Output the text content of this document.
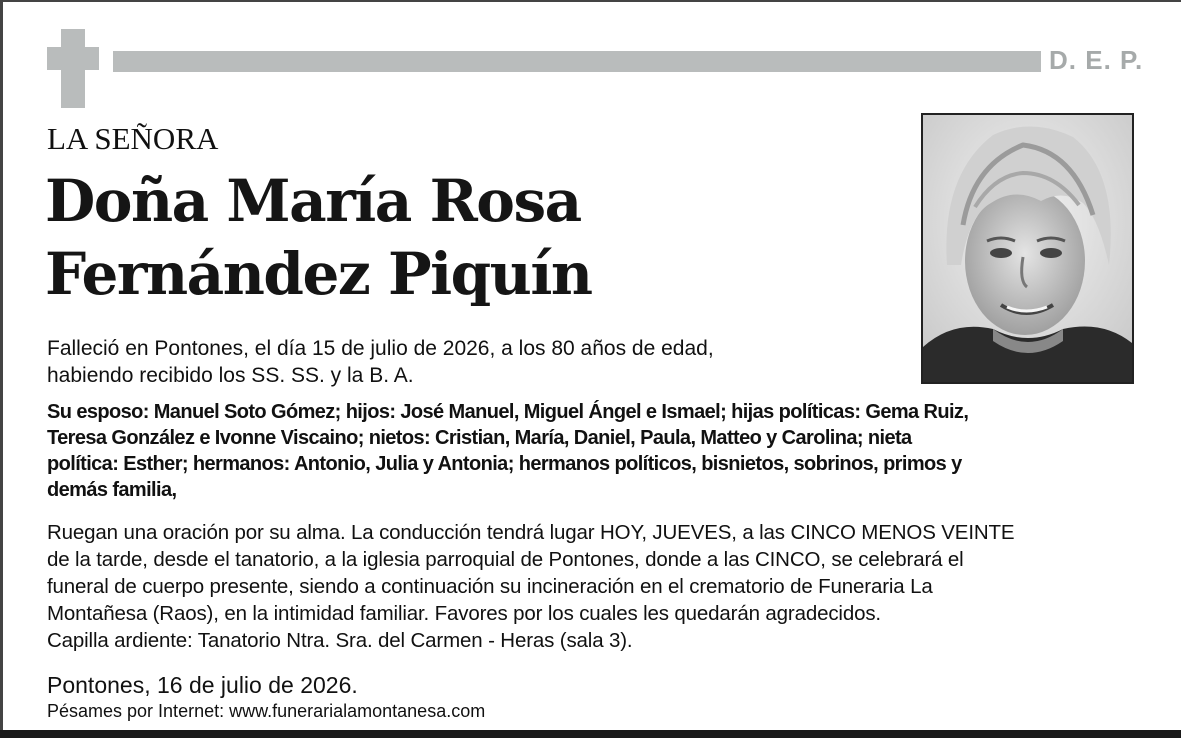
D. E. P.
LA SEÑORA
Doña María Rosa
Fernández Piquín
Falleció en Pontones, el día 15 de julio de 2026, a los 80 años de edad,
habiendo recibido los SS. SS. y la B. A.
Su esposo: Manuel Soto Gómez; hijos: José Manuel, Miguel Ángel e Ismael; hijas políticas: Gema Ruiz,
Teresa González e Ivonne Viscaino; nietos: Cristian, María, Daniel, Paula, Matteo y Carolina; nieta
política: Esther; hermanos: Antonio, Julia y Antonia; hermanos políticos, bisnietos, sobrinos, primos y
demás familia,
Ruegan una oración por su alma. La conducción tendrá lugar HOY, JUEVES, a las CINCO MENOS VEINTE
de la tarde, desde el tanatorio, a la iglesia parroquial de Pontones, donde a las CINCO, se celebrará el
funeral de cuerpo presente, siendo a continuación su incineración en el crematorio de Funeraria La
Montañesa (Raos), en la intimidad familiar. Favores por los cuales les quedarán agradecidos.
Capilla ardiente: Tanatorio Ntra. Sra. del Carmen - Heras (sala 3).
Pontones, 16 de julio de 2026.
Pésames por Internet: www.funerarialamontanesa.com
